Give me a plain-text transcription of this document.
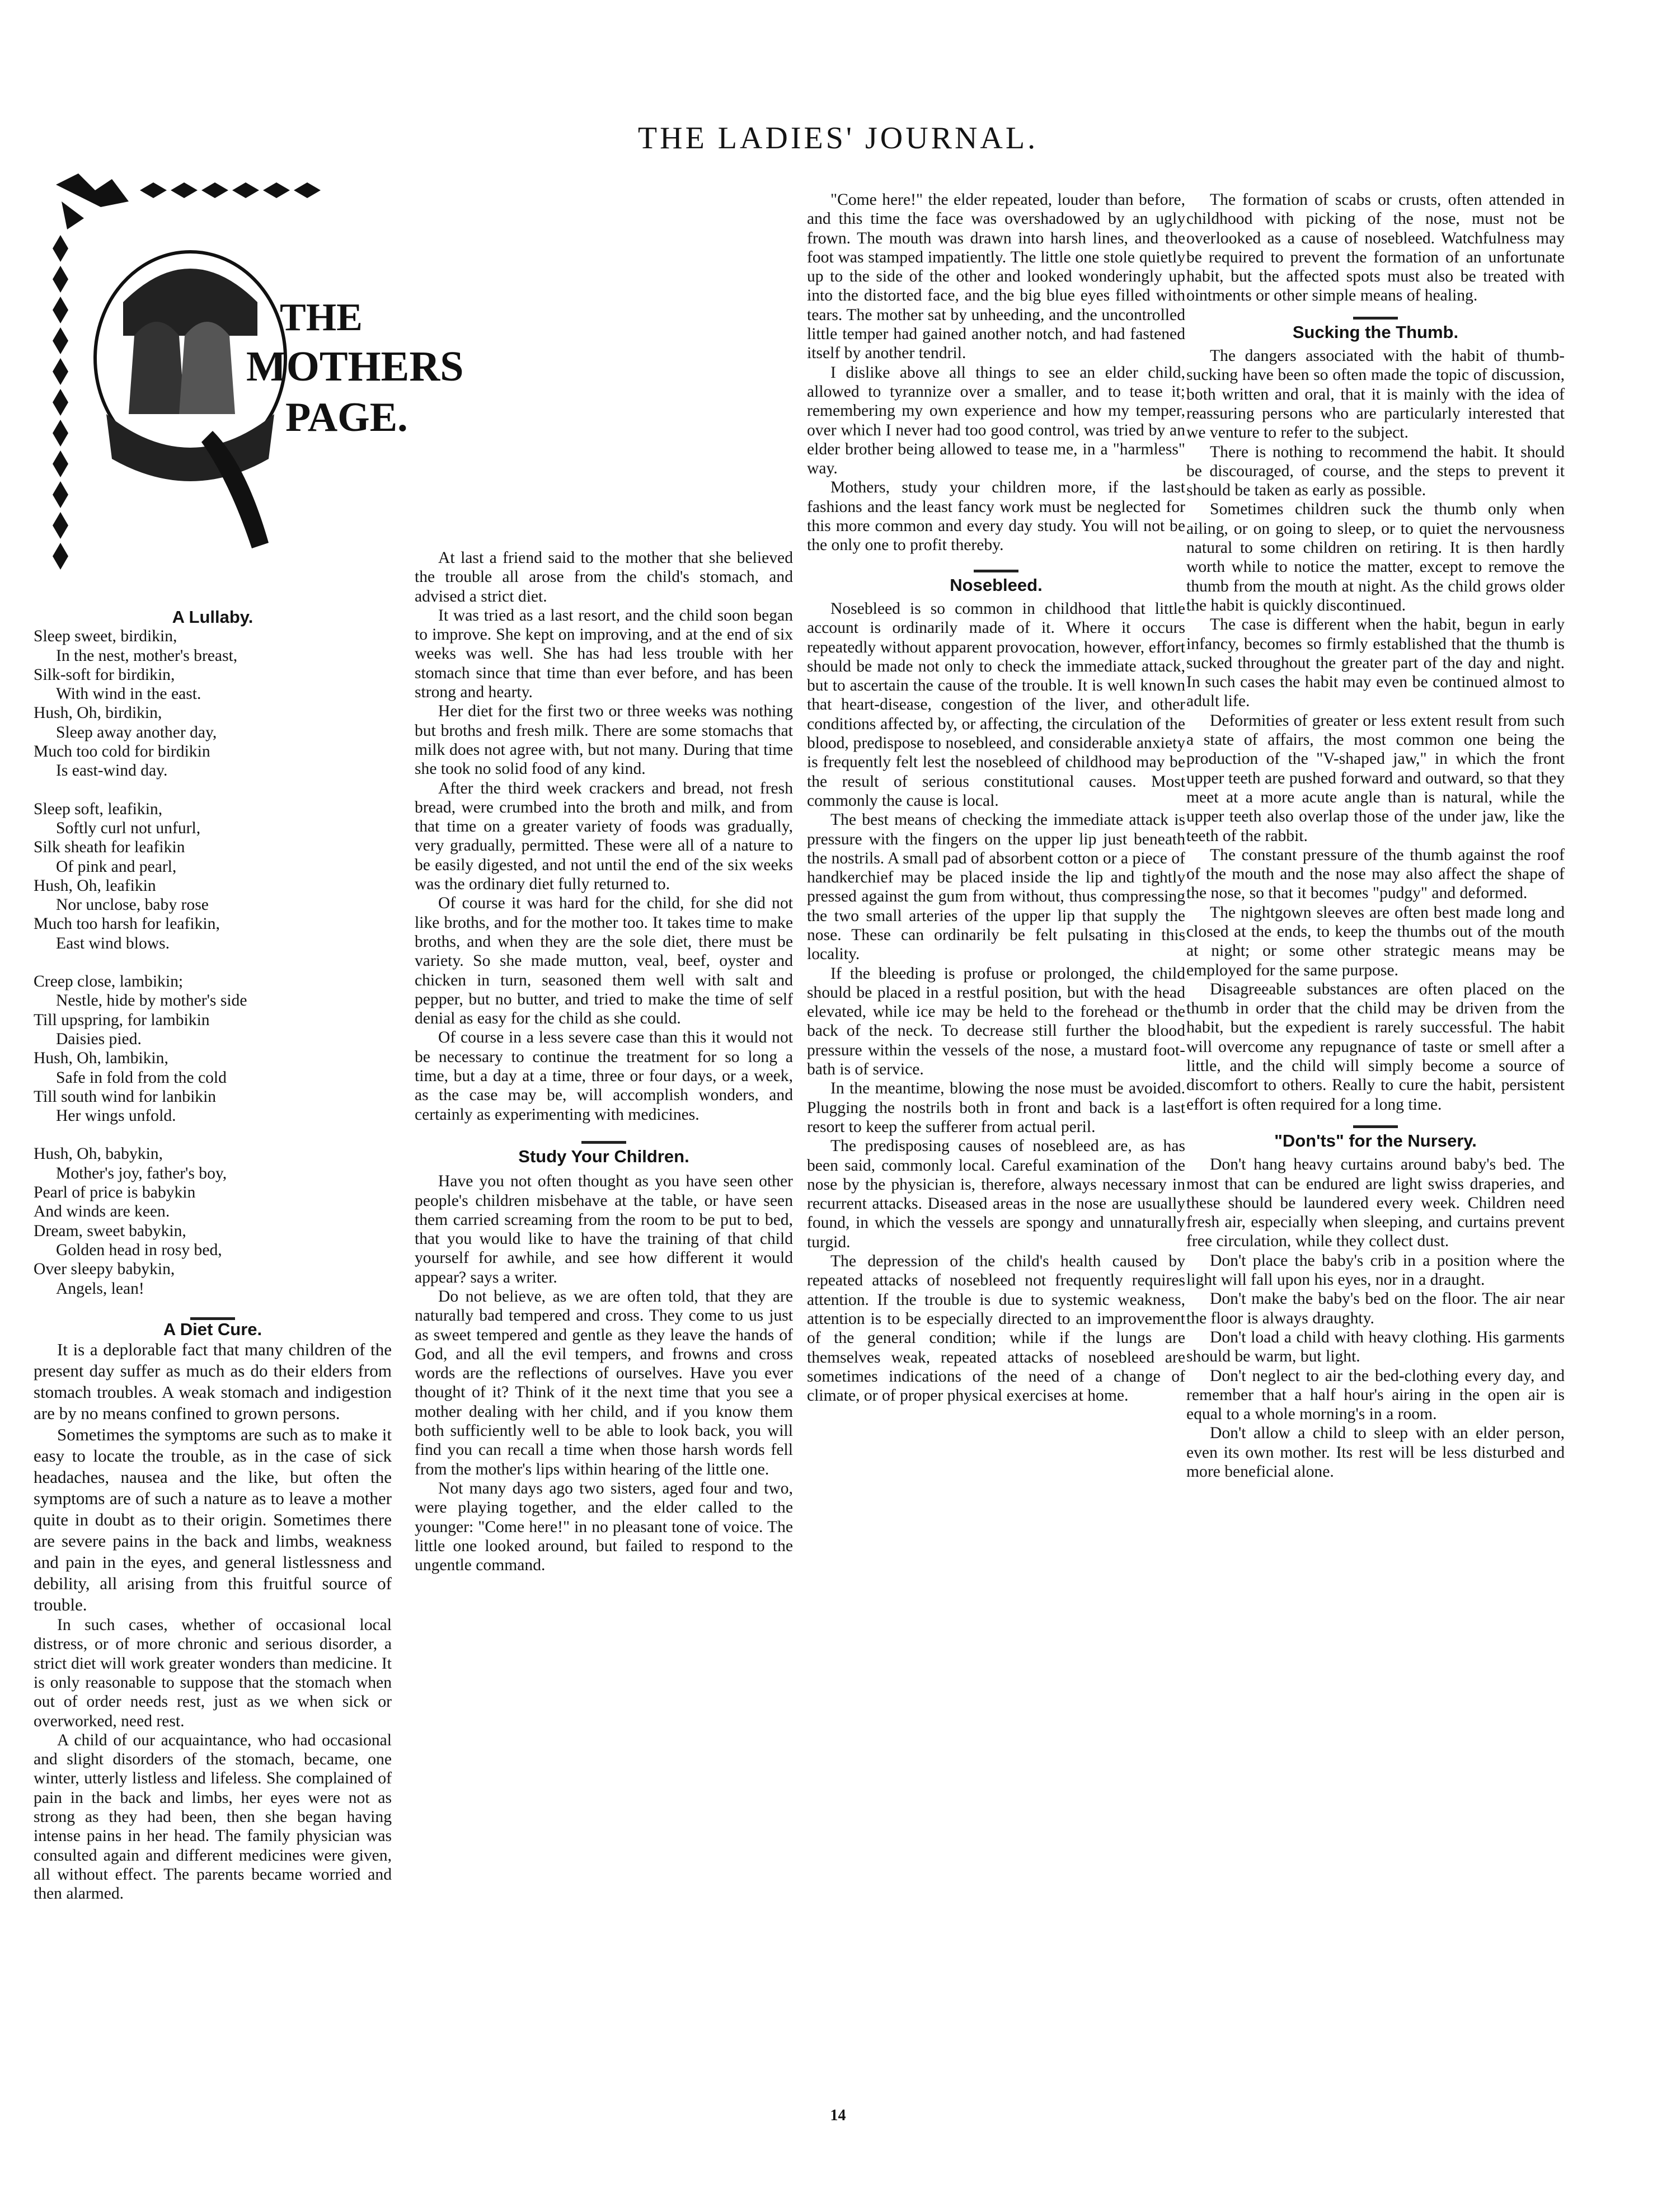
THE LADIES' JOURNAL.
THE
MOTHERS
PAGE.
A Lullaby.
Sleep sweet, birdikin,
In the nest, mother's breast,
Silk-soft for birdikin,
With wind in the east.
Hush, Oh, birdikin,
Sleep away another day,
Much too cold for birdikin
Is east-wind day.
Sleep soft, leafikin,
Softly curl not unfurl,
Silk sheath for leafikin
Of pink and pearl,
Hush, Oh, leafikin
Nor unclose, baby rose
Much too harsh for leafikin,
East wind blows.
Creep close, lambikin;
Nestle, hide by mother's side
Till upspring, for lambikin
Daisies pied.
Hush, Oh, lambikin,
Safe in fold from the cold
Till south wind for lanbikin
Her wings unfold.
Hush, Oh, babykin,
Mother's joy, father's boy,
Pearl of price is babykin
And winds are keen.
Dream, sweet babykin,
Golden head in rosy bed,
Over sleepy babykin,
Angels, lean!
A Diet Cure.

It is a deplorable fact that many children of the present day suffer as much as do their elders from stomach troubles. A weak stomach and indigestion are by no means confined to grown persons.

Sometimes the symptoms are such as to make it easy to locate the trouble, as in the case of sick headaches, nausea and the like, but often the symptoms are of such a nature as to leave a mother quite in doubt as to their origin. Sometimes there are severe pains in the back and limbs, weakness and pain in the eyes, and general listlessness and debility, all arising from this fruitful source of trouble.

In such cases, whether of occasional local distress, or of more chronic and serious disorder, a strict diet will work greater wonders than medicine. It is only reasonable to suppose that the stomach when out of order needs rest, just as we when sick or overworked, need rest.

A child of our acquaintance, who had occasional and slight disorders of the stomach, became, one winter, utterly listless and lifeless. She complained of pain in the back and limbs, her eyes were not as strong as they had been, then she began having intense pains in her head. The family physician was consulted again and different medicines were given, all without effect. The parents became worried and then alarmed.

At last a friend said to the mother that she believed the trouble all arose from the child's stomach, and advised a strict diet.

It was tried as a last resort, and the child soon began to improve. She kept on improving, and at the end of six weeks was well. She has had less trouble with her stomach since that time than ever before, and has been strong and hearty.

Her diet for the first two or three weeks was nothing but broths and fresh milk. There are some stomachs that milk does not agree with, but not many. During that time she took no solid food of any kind.

After the third week crackers and bread, not fresh bread, were crumbed into the broth and milk, and from that time on a greater variety of foods was gradually, very gradually, permitted. These were all of a nature to be easily digested, and not until the end of the six weeks was the ordinary diet fully returned to.

Of course it was hard for the child, for she did not like broths, and for the mother too. It takes time to make broths, and when they are the sole diet, there must be variety. So she made mutton, veal, beef, oyster and chicken in turn, seasoned them well with salt and pepper, but no butter, and tried to make the time of self denial as easy for the child as she could.

Of course in a less severe case than this it would not be necessary to continue the treatment for so long a time, but a day at a time, three or four days, or a week, as the case may be, will accomplish wonders, and certainly as experimenting with medicines.

Study Your Children.

Have you not often thought as you have seen other people's children misbehave at the table, or have seen them carried screaming from the room to be put to bed, that you would like to have the training of that child yourself for awhile, and see how different it would appear? says a writer.

Do not believe, as we are often told, that they are naturally bad tempered and cross. They come to us just as sweet tempered and gentle as they leave the hands of God, and all the evil tempers, and frowns and cross words are the reflections of ourselves. Have you ever thought of it? Think of it the next time that you see a mother dealing with her child, and if you know them both sufficiently well to be able to look back, you will find you can recall a time when those harsh words fell from the mother's lips within hearing of the little one.

Not many days ago two sisters, aged four and two, were playing together, and the elder called to the younger: "Come here!" in no pleasant tone of voice. The little one looked around, but failed to respond to the ungentle command.

"Come here!" the elder repeated, louder than before, and this time the face was overshadowed by an ugly frown. The mouth was drawn into harsh lines, and the foot was stamped impatiently. The little one stole quietly up to the side of the other and looked wonderingly up into the distorted face, and the big blue eyes filled with tears. The mother sat by unheeding, and the uncontrolled little temper had gained another notch, and had fastened itself by another tendril.

I dislike above all things to see an elder child, allowed to tyrannize over a smaller, and to tease it; remembering my own experience and how my temper, over which I never had too good control, was tried by an elder brother being allowed to tease me, in a "harmless" way.

Mothers, study your children more, if the last fashions and the least fancy work must be neglected for this more common and every day study. You will not be the only one to profit thereby.

Nosebleed.

Nosebleed is so common in childhood that little account is ordinarily made of it. Where it occurs repeatedly without apparent provocation, however, effort should be made not only to check the immediate attack, but to ascertain the cause of the trouble. It is well known that heart-disease, congestion of the liver, and other conditions affected by, or affecting, the circulation of the blood, predispose to nosebleed, and considerable anxiety is frequently felt lest the nosebleed of childhood may be the result of serious constitutional causes. Most commonly the cause is local.

The best means of checking the immediate attack is pressure with the fingers on the upper lip just beneath the nostrils. A small pad of absorbent cotton or a piece of handkerchief may be placed inside the lip and tightly pressed against the gum from without, thus compressing the two small arteries of the upper lip that supply the nose. These can ordinarily be felt pulsating in this locality.

If the bleeding is profuse or prolonged, the child should be placed in a restful position, but with the head elevated, while ice may be held to the forehead or the back of the neck. To decrease still further the blood pressure within the vessels of the nose, a mustard foot-bath is of service.

In the meantime, blowing the nose must be avoided. Plugging the nostrils both in front and back is a last resort to keep the sufferer from actual peril.

The predisposing causes of nosebleed are, as has been said, commonly local. Careful examination of the nose by the physician is, therefore, always necessary in recurrent attacks. Diseased areas in the nose are usually found, in which the vessels are spongy and unnaturally turgid.

The depression of the child's health caused by repeated attacks of nosebleed not frequently requires attention. If the trouble is due to systemic weakness, attention is to be especially directed to an improvement of the general condition; while if the lungs are themselves weak, repeated attacks of nosebleed are sometimes indications of the need of a change of climate, or of proper physical exercises at home.

The formation of scabs or crusts, often attended in childhood with picking of the nose, must not be overlooked as a cause of nosebleed. Watchfulness may be required to prevent the formation of an unfortunate habit, but the affected spots must also be treated with ointments or other simple means of healing.

Sucking the Thumb.

The dangers associated with the habit of thumb-sucking have been so often made the topic of discussion, both written and oral, that it is mainly with the idea of reassuring persons who are particularly interested that we venture to refer to the subject.

There is nothing to recommend the habit. It should be discouraged, of course, and the steps to prevent it should be taken as early as possible.

Sometimes children suck the thumb only when ailing, or on going to sleep, or to quiet the nervousness natural to some children on retiring. It is then hardly worth while to notice the matter, except to remove the thumb from the mouth at night. As the child grows older the habit is quickly discontinued.

The case is different when the habit, begun in early infancy, becomes so firmly established that the thumb is sucked throughout the greater part of the day and night. In such cases the habit may even be continued almost to adult life.

Deformities of greater or less extent result from such a state of affairs, the most common one being the production of the "V-shaped jaw," in which the front upper teeth are pushed forward and outward, so that they meet at a more acute angle than is natural, while the upper teeth also overlap those of the under jaw, like the teeth of the rabbit.

The constant pressure of the thumb against the roof of the mouth and the nose may also affect the shape of the nose, so that it becomes "pudgy" and deformed.

The nightgown sleeves are often best made long and closed at the ends, to keep the thumbs out of the mouth at night; or some other strategic means may be employed for the same purpose.

Disagreeable substances are often placed on the thumb in order that the child may be driven from the habit, but the expedient is rarely successful. The habit will overcome any repugnance of taste or smell after a little, and the child will simply become a source of discomfort to others. Really to cure the habit, persistent effort is often required for a long time.

"Don'ts" for the Nursery.

Don't hang heavy curtains around baby's bed. The most that can be endured are light swiss draperies, and these should be laundered every week. Children need fresh air, especially when sleeping, and curtains prevent free circulation, while they collect dust.

Don't place the baby's crib in a position where the light will fall upon his eyes, nor in a draught.

Don't make the baby's bed on the floor. The air near the floor is always draughty.

Don't load a child with heavy clothing. His garments should be warm, but light.

Don't neglect to air the bed-clothing every day, and remember that a half hour's airing in the open air is equal to a whole morning's in a room.

Don't allow a child to sleep with an elder person, even its own mother. Its rest will be less disturbed and more beneficial alone.

14
